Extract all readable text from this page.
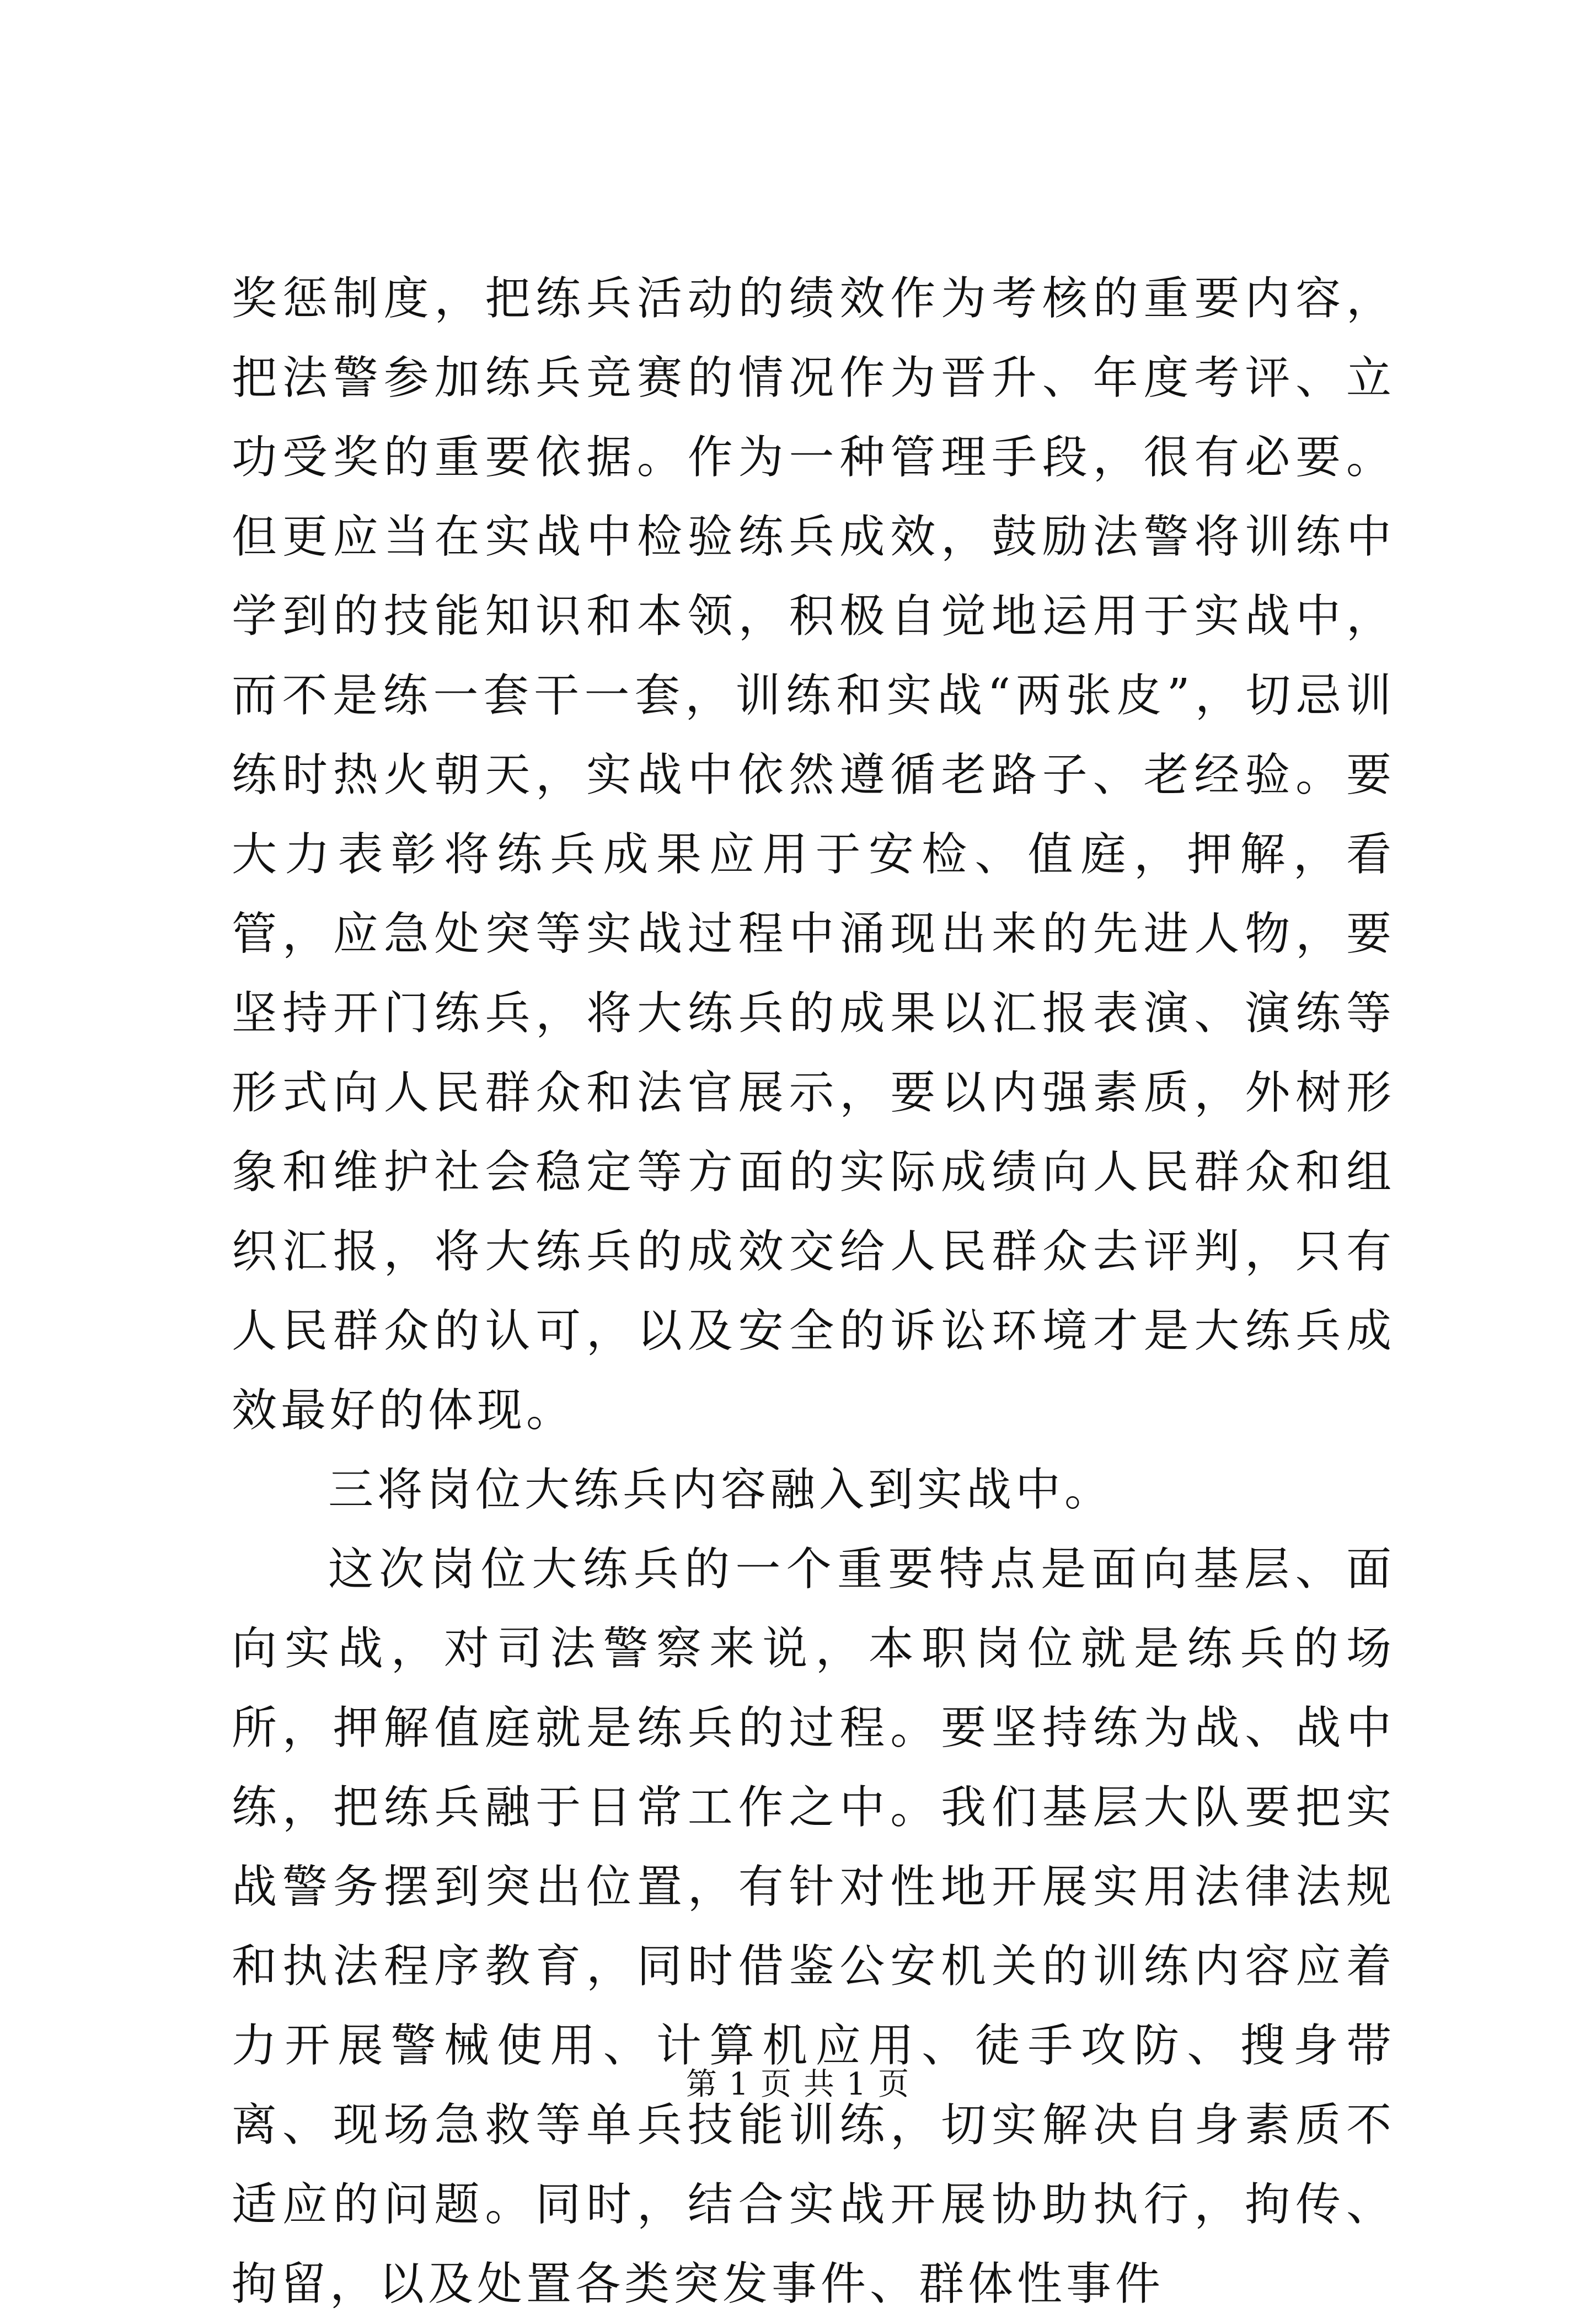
奖惩制度，把练兵活动的绩效作为考核的重要内容，把法警参加练兵竞赛的情况作为晋升、年度考评、立功受奖的重要依据。作为一种管理手段，很有必要。但更应当在实战中检验练兵成效，鼓励法警将训练中学到的技能知识和本领，积极自觉地运用于实战中，而不是练一套干一套，训练和实战“两张皮”，切忌训练时热火朝天，实战中依然遵循老路子、老经验。要大力表彰将练兵成果应用于安检、值庭，押解，看管，应急处突等实战过程中涌现出来的先进人物，要坚持开门练兵，将大练兵的成果以汇报表演、演练等形式向人民群众和法官展示，要以内强素质，外树形象和维护社会稳定等方面的实际成绩向人民群众和组织汇报，将大练兵的成效交给人民群众去评判，只有人民群众的认可，以及安全的诉讼环境才是大练兵成效最好的体现。

三将岗位大练兵内容融入到实战中。

这次岗位大练兵的一个重要特点是面向基层、面向实战，对司法警察来说，本职岗位就是练兵的场所，押解值庭就是练兵的过程。要坚持练为战、战中练，把练兵融于日常工作之中。我们基层大队要把实战警务摆到突出位置，有针对性地开展实用法律法规和执法程序教育，同时借鉴公安机关的训练内容应着力开展警械使用、计算机应用、徒手攻防、搜身带离、现场急救等单兵技能训练，切实解决自身素质不适应的问题。同时，结合实战开展协助执行，拘传、拘留，以及处置各类突发事件、群体性事件

第 1 页 共 1 页
